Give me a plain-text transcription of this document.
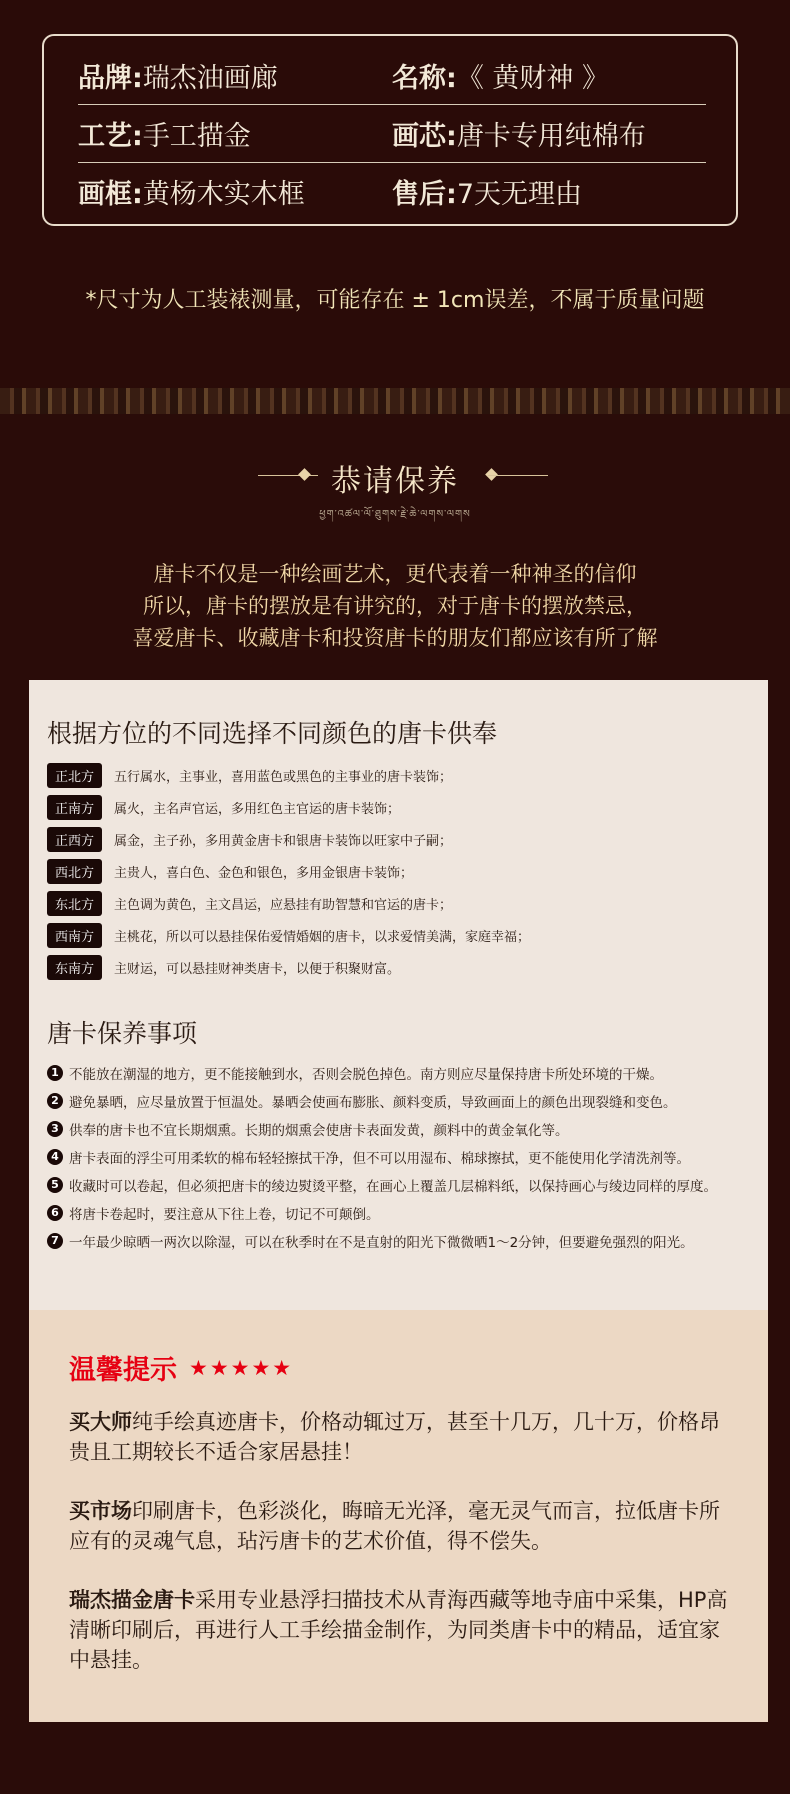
品牌:瑞杰油画廊	名称:《 黄财神 》
工艺:手工描金	画芯:唐卡专用纯棉布
画框:黄杨木实木框	售后:7天无理由
*尺寸为人工装裱测量，可能存在 ± 1cm误差，不属于质量问题
恭请保养
ཕྱག་འཚལ་ལོ་ཐུགས་རྗེ་ཆེ་ལགས་ལགས
唐卡不仅是一种绘画艺术，更代表着一种神圣的信仰
所以，唐卡的摆放是有讲究的，对于唐卡的摆放禁忌，
喜爱唐卡、收藏唐卡和投资唐卡的朋友们都应该有所了解
根据方位的不同选择不同颜色的唐卡供奉
正北方	五行属水，主事业，喜用蓝色或黑色的主事业的唐卡装饰；
正南方	属火，主名声官运，多用红色主官运的唐卡装饰；
正西方	属金，主子孙，多用黄金唐卡和银唐卡装饰以旺家中子嗣；
西北方	主贵人，喜白色、金色和银色，多用金银唐卡装饰；
东北方	主色调为黄色，主文昌运，应悬挂有助智慧和官运的唐卡；
西南方	主桃花，所以可以悬挂保佑爱情婚姻的唐卡，以求爱情美满，家庭幸福；
东南方	主财运，可以悬挂财神类唐卡，以便于积聚财富。
唐卡保养事项
1 不能放在潮湿的地方，更不能接触到水，否则会脱色掉色。南方则应尽量保持唐卡所处环境的干燥。
2 避免暴晒，应尽量放置于恒温处。暴晒会使画布膨胀、颜料变质，导致画面上的颜色出现裂缝和变色。
3 供奉的唐卡也不宜长期烟熏。长期的烟熏会使唐卡表面发黄，颜料中的黄金氧化等。
4 唐卡表面的浮尘可用柔软的棉布轻轻擦拭干净，但不可以用湿布、棉球擦拭，更不能使用化学清洗剂等。
5 收藏时可以卷起，但必须把唐卡的绫边熨烫平整，在画心上覆盖几层棉料纸，以保持画心与绫边同样的厚度。
6 将唐卡卷起时，要注意从下往上卷，切记不可颠倒。
7 一年最少晾晒一两次以除湿，可以在秋季时在不是直射的阳光下微微晒1～2分钟，但要避免强烈的阳光。
温馨提示 ★★★★★
买大师纯手绘真迹唐卡，价格动辄过万，甚至十几万，几十万，价格昂贵且工期较长不适合家居悬挂！
买市场印刷唐卡，色彩淡化，晦暗无光泽，毫无灵气而言，拉低唐卡所应有的灵魂气息，玷污唐卡的艺术价值，得不偿失。
瑞杰描金唐卡采用专业悬浮扫描技术从青海西藏等地寺庙中采集，HP高清晰印刷后，再进行人工手绘描金制作，为同类唐卡中的精品，适宜家中悬挂。
